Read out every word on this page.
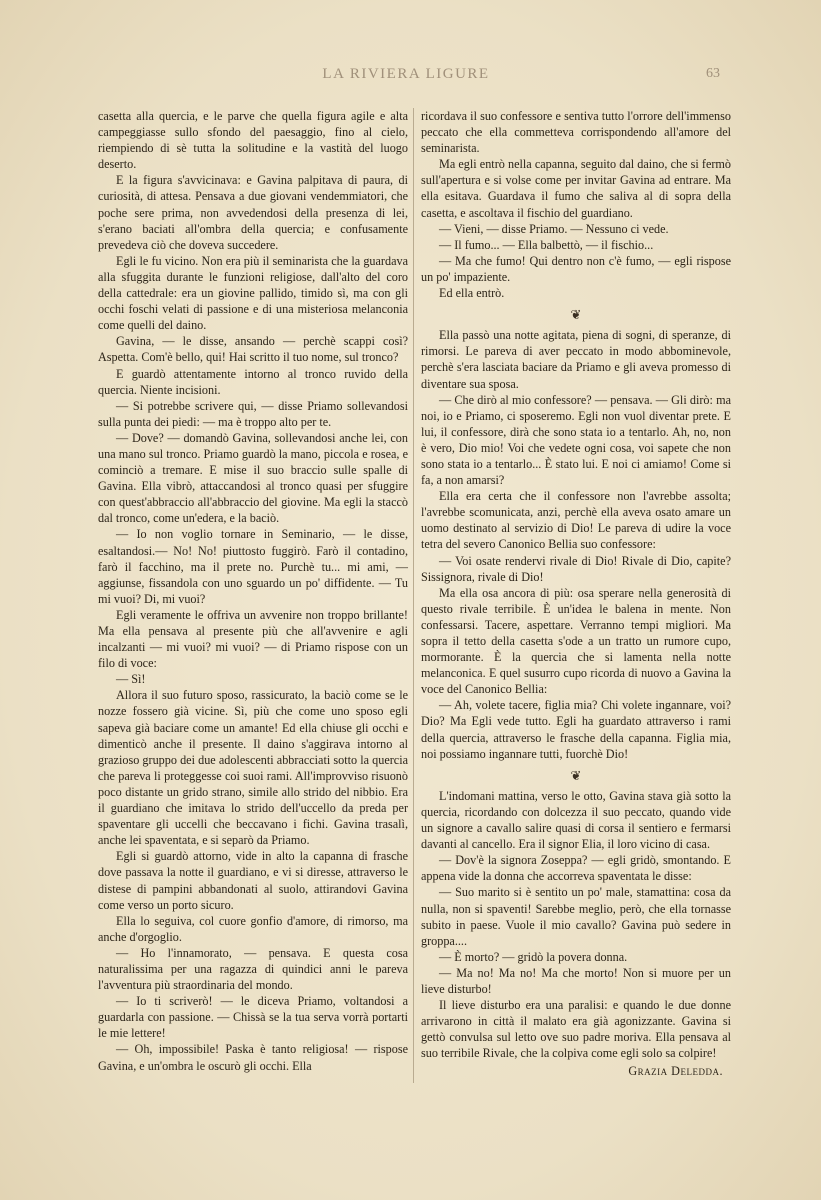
LA RIVIERA LIGURE	63

casetta alla quercia, e le parve che quella figura agile e alta campeggiasse sullo sfondo del paesaggio, fino al cielo, riempiendo di sè tutta la solitudine e la vastità del luogo deserto.

E la figura s'avvicinava: e Gavina palpitava di paura, di curiosità, di attesa. Pensava a due giovani vendemmiatori, che poche sere prima, non avvedendosi della presenza di lei, s'erano baciati all'ombra della quercia; e confusamente prevedeva ciò che doveva succedere.

Egli le fu vicino. Non era più il seminarista che la guardava alla sfuggita durante le funzioni religiose, dall'alto del coro della cattedrale: era un giovine pallido, timido sì, ma con gli occhi foschi velati di passione e di una misteriosa melanconia come quelli del daino.

Gavina, — le disse, ansando — perchè scappi così? Aspetta. Com'è bello, qui! Hai scritto il tuo nome, sul tronco?

E guardò attentamente intorno al tronco ruvido della quercia. Niente incisioni.

— Si potrebbe scrivere qui, — disse Priamo sollevandosi sulla punta dei piedi: — ma è troppo alto per te.

— Dove? — domandò Gavina, sollevandosi anche lei, con una mano sul tronco. Priamo guardò la mano, piccola e rosea, e cominciò a tremare. E mise il suo braccio sulle spalle di Gavina. Ella vibrò, attaccandosi al tronco quasi per sfuggire con quest'abbraccio all'abbraccio del giovine. Ma egli la staccò dal tronco, come un'edera, e la baciò.

— Io non voglio tornare in Seminario, — le disse, esaltandosi.— No! No! piuttosto fuggirò. Farò il contadino, farò il facchino, ma il prete no. Purchè tu... mi ami, — aggiunse, fissandola con uno sguardo un po' diffidente. — Tu mi vuoi? Di, mi vuoi?

Egli veramente le offriva un avvenire non troppo brillante! Ma ella pensava al presente più che all'avvenire e agli incalzanti — mi vuoi? mi vuoi? — di Priamo rispose con un filo di voce:

— Sì!

Allora il suo futuro sposo, rassicurato, la baciò come se le nozze fossero già vicine. Sì, più che come uno sposo egli sapeva già baciare come un amante! Ed ella chiuse gli occhi e dimenticò anche il presente. Il daino s'aggirava intorno al grazioso gruppo dei due adolescenti abbracciati sotto la quercia che pareva li proteggesse coi suoi rami. All'improvviso risuonò poco distante un grido strano, simile allo strido del nibbio. Era il guardiano che imitava lo strido dell'uccello da preda per spaventare gli uccelli che beccavano i fichi. Gavina trasalì, anche lei spaventata, e si separò da Priamo.

Egli si guardò attorno, vide in alto la capanna di frasche dove passava la notte il guardiano, e vi si diresse, attraverso le distese di pampini abbandonati al suolo, attirandovi Gavina come verso un porto sicuro.

Ella lo seguiva, col cuore gonfio d'amore, di rimorso, ma anche d'orgoglio.

— Ho l'innamorato, — pensava. E questa cosa naturalissima per una ragazza di quindici anni le pareva l'avventura più straordinaria del mondo.

— Io ti scriverò! — le diceva Priamo, voltandosi a guardarla con passione. — Chissà se la tua serva vorrà portarti le mie lettere!

— Oh, impossibile! Paska è tanto religiosa! — rispose Gavina, e un'ombra le oscurò gli occhi. Ella

ricordava il suo confessore e sentiva tutto l'orrore dell'immenso peccato che ella commetteva corrispondendo all'amore del seminarista.

Ma egli entrò nella capanna, seguito dal daino, che si fermò sull'apertura e si volse come per invitar Gavina ad entrare. Ma ella esitava. Guardava il fumo che saliva al di sopra della casetta, e ascoltava il fischio del guardiano.

— Vieni, — disse Priamo. — Nessuno ci vede.

— Il fumo... — Ella balbettò, — il fischio...

— Ma che fumo! Qui dentro non c'è fumo, — egli rispose un po' impaziente.

Ed ella entrò.

❦

Ella passò una notte agitata, piena di sogni, di speranze, di rimorsi. Le pareva di aver peccato in modo abbominevole, perchè s'era lasciata baciare da Priamo e gli aveva promesso di diventare sua sposa.

— Che dirò al mio confessore? — pensava. — Gli dirò: ma noi, io e Priamo, ci sposeremo. Egli non vuol diventar prete. E lui, il confessore, dirà che sono stata io a tentarlo. Ah, no, non è vero, Dio mio! Voi che vedete ogni cosa, voi sapete che non sono stata io a tentarlo... È stato lui. E noi ci amiamo! Come si fa, a non amarsi?

Ella era certa che il confessore non l'avrebbe assolta; l'avrebbe scomunicata, anzi, perchè ella aveva osato amare un uomo destinato al servizio di Dio! Le pareva di udire la voce tetra del severo Canonico Bellia suo confessore:

— Voi osate rendervi rivale di Dio! Rivale di Dio, capite? Sissignora, rivale di Dio!

Ma ella osa ancora di più: osa sperare nella generosità di questo rivale terribile. È un'idea le balena in mente. Non confessarsi. Tacere, aspettare. Verranno tempi migliori. Ma sopra il tetto della casetta s'ode a un tratto un rumore cupo, mormorante. È la quercia che si lamenta nella notte melanconica. E quel susurro cupo ricorda di nuovo a Gavina la voce del Canonico Bellia:

— Ah, volete tacere, figlia mia? Chi volete ingannare, voi? Dio? Ma Egli vede tutto. Egli ha guardato attraverso i rami della quercia, attraverso le frasche della capanna. Figlia mia, noi possiamo ingannare tutti, fuorchè Dio!

❦

L'indomani mattina, verso le otto, Gavina stava già sotto la quercia, ricordando con dolcezza il suo peccato, quando vide un signore a cavallo salire quasi di corsa il sentiero e fermarsi davanti al cancello. Era il signor Elia, il loro vicino di casa.

— Dov'è la signora Zoseppa? — egli gridò, smontando. E appena vide la donna che accorreva spaventata le disse:

— Suo marito si è sentito un po' male, stamattina: cosa da nulla, non si spaventi! Sarebbe meglio, però, che ella tornasse subito in paese. Vuole il mio cavallo? Gavina può sedere in groppa....

— È morto? — gridò la povera donna.

— Ma no! Ma no! Ma che morto! Non si muore per un lieve disturbo!

Il lieve disturbo era una paralisi: e quando le due donne arrivarono in città il malato era già agonizzante. Gavina si gettò convulsa sul letto ove suo padre moriva. Ella pensava al suo terribile Rivale, che la colpiva come egli solo sa colpire!

Grazia Deledda.
